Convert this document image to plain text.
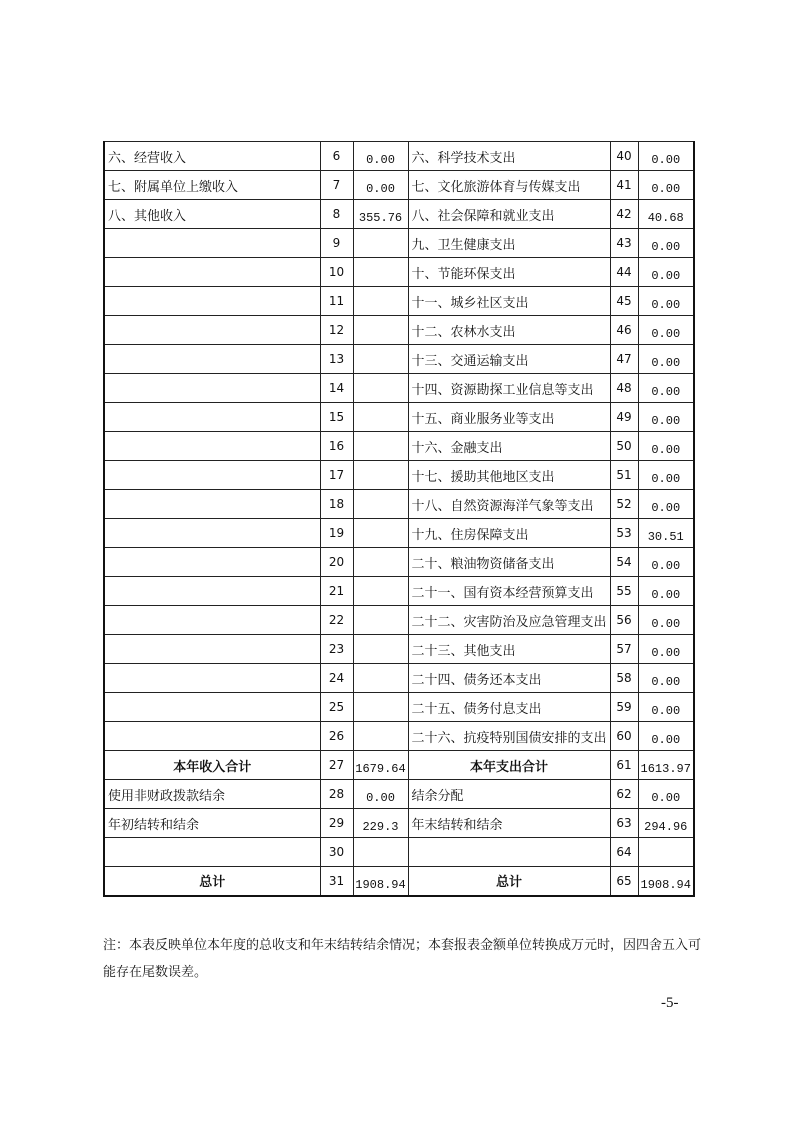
六、经营收入	6	0.00	六、科学技术支出	40	0.00
七、附属单位上缴收入	7	0.00	七、文化旅游体育与传媒支出	41	0.00
八、其他收入	8	355.76	八、社会保障和就业支出	42	40.68
	9		九、卫生健康支出	43	0.00
	10		十、节能环保支出	44	0.00
	11		十一、城乡社区支出	45	0.00
	12		十二、农林水支出	46	0.00
	13		十三、交通运输支出	47	0.00
	14		十四、资源勘探工业信息等支出	48	0.00
	15		十五、商业服务业等支出	49	0.00
	16		十六、金融支出	50	0.00
	17		十七、援助其他地区支出	51	0.00
	18		十八、自然资源海洋气象等支出	52	0.00
	19		十九、住房保障支出	53	30.51
	20		二十、粮油物资储备支出	54	0.00
	21		二十一、国有资本经营预算支出	55	0.00
	22		二十二、灾害防治及应急管理支出	56	0.00
	23		二十三、其他支出	57	0.00
	24		二十四、债务还本支出	58	0.00
	25		二十五、债务付息支出	59	0.00
	26		二十六、抗疫特别国债安排的支出	60	0.00
本年收入合计	27	1679.64	本年支出合计	61	1613.97
使用非财政拨款结余	28	0.00	结余分配	62	0.00
年初结转和结余	29	229.3	年末结转和结余	63	294.96
	30			64	
总计	31	1908.94	总计	65	1908.94

注：本表反映单位本年度的总收支和年末结转结余情况；本套报表金额单位转换成万元时，因四舍五入可能存在尾数误差。

-5-
